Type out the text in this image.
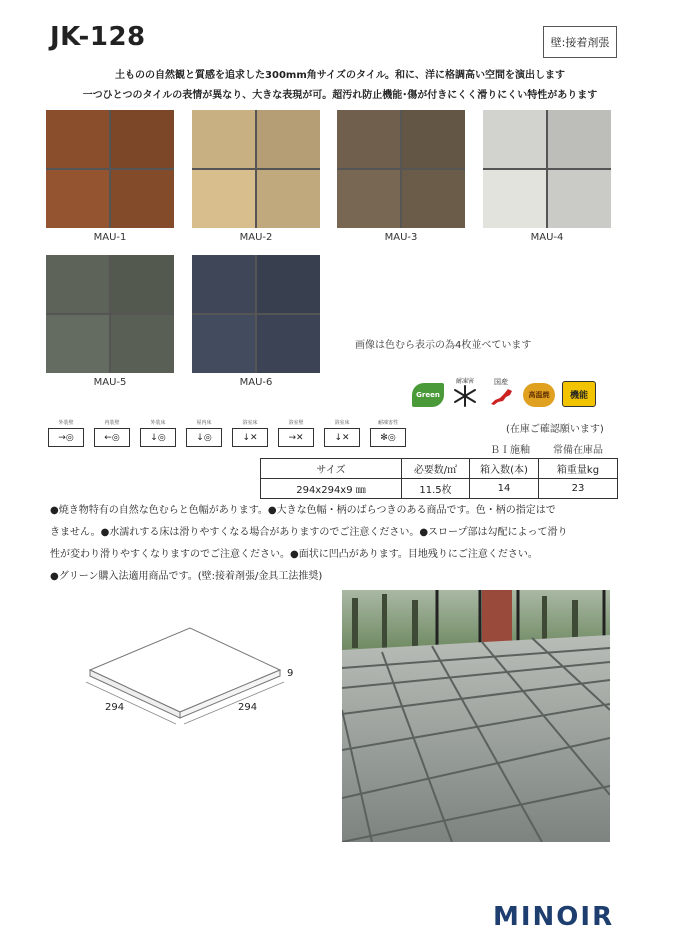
JK-128	壁:接着剤張
土ものの自然観と質感を追求した300mm角サイズのタイル。和に、洋に格調高い空間を演出します
一つひとつのタイルの表情が異なり、大きな表現が可。超汚れ防止機能･傷が付きにくく滑りにくい特性があります
MAU-1	MAU-2	MAU-3	MAU-4
MAU-5	MAU-6
画像は色むら表示の為4枚並べています
Green
耐凍害	国産
高温焼 機能
外装壁
→◎
内装壁
←◎
外装床
↓◎
屋内床
↓◎
浴室床
↓✕
浴室壁
→✕
浴室床
↓✕
耐凍害性
✻◎
(在庫ご確認願います)
ＢＩ施釉 常備在庫品
サイズ	必要数/㎡	箱入数(本)	箱重量kg
294x294x9 ㎜	11.5枚	14	23
●焼き物特有の自然な色むらと色幅があります。●大きな色幅・柄のばらつきのある商品です。色・柄の指定はで
きません。●水濡れする床は滑りやすくなる場合がありますのでご注意ください。●スロープ部は勾配によって滑り
性が変わり滑りやすくなりますのでご注意ください。●面状に凹凸があります。目地残りにご注意ください。
●グリーン購入法適用商品です。(壁:接着剤張/金具工法推奨)
294	294
9
MINOIR
